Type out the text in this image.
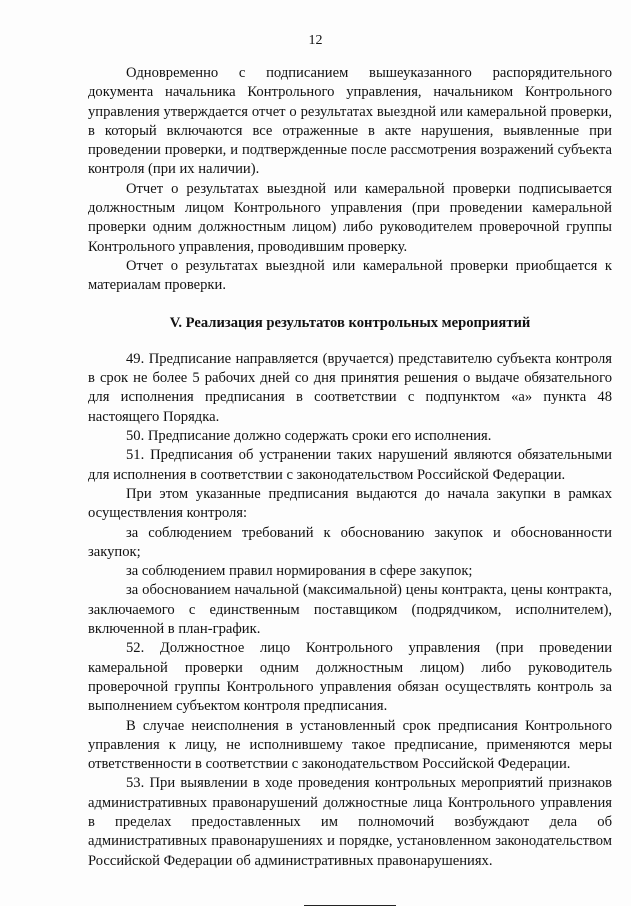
12

Одновременно с подписанием вышеуказанного распорядительного документа начальника Контрольного управления, начальником Контрольного управления утверждается отчет о результатах выездной или камеральной проверки, в который включаются все отраженные в акте нарушения, выявленные при проведении проверки, и подтвержденные после рассмотрения возражений субъекта контроля (при их наличии).

Отчет о результатах выездной или камеральной проверки подписывается должностным лицом Контрольного управления (при проведении камеральной проверки одним должностным лицом) либо руководителем проверочной группы Контрольного управления, проводившим проверку.

Отчет о результатах выездной или камеральной проверки приобщается к материалам проверки.

V. Реализация результатов контрольных мероприятий

49. Предписание направляется (вручается) представителю субъекта контроля в срок не более 5 рабочих дней со дня принятия решения о выдаче обязательного для исполнения предписания в соответствии с подпунктом «а» пункта 48 настоящего Порядка.

50. Предписание должно содержать сроки его исполнения.

51. Предписания об устранении таких нарушений являются обязательными для исполнения в соответствии с законодательством Российской Федерации.

При этом указанные предписания выдаются до начала закупки в рамках осуществления контроля:

за соблюдением требований к обоснованию закупок и обоснованности закупок;

за соблюдением правил нормирования в сфере закупок;

за обоснованием начальной (максимальной) цены контракта, цены контракта, заключаемого с единственным поставщиком (подрядчиком, исполнителем), включенной в план-график.

52. Должностное лицо Контрольного управления (при проведении камеральной проверки одним должностным лицом) либо руководитель проверочной группы Контрольного управления обязан осуществлять контроль за выполнением субъектом контроля предписания.

В случае неисполнения в установленный срок предписания Контрольного управления к лицу, не исполнившему такое предписание, применяются меры ответственности в соответствии с законодательством Российской Федерации.

53. При выявлении в ходе проведения контрольных мероприятий признаков административных правонарушений должностные лица Контрольного управления в пределах предоставленных им полномочий возбуждают дела об административных правонарушениях и порядке, установленном законодательством Российской Федерации об административных правонарушениях.
